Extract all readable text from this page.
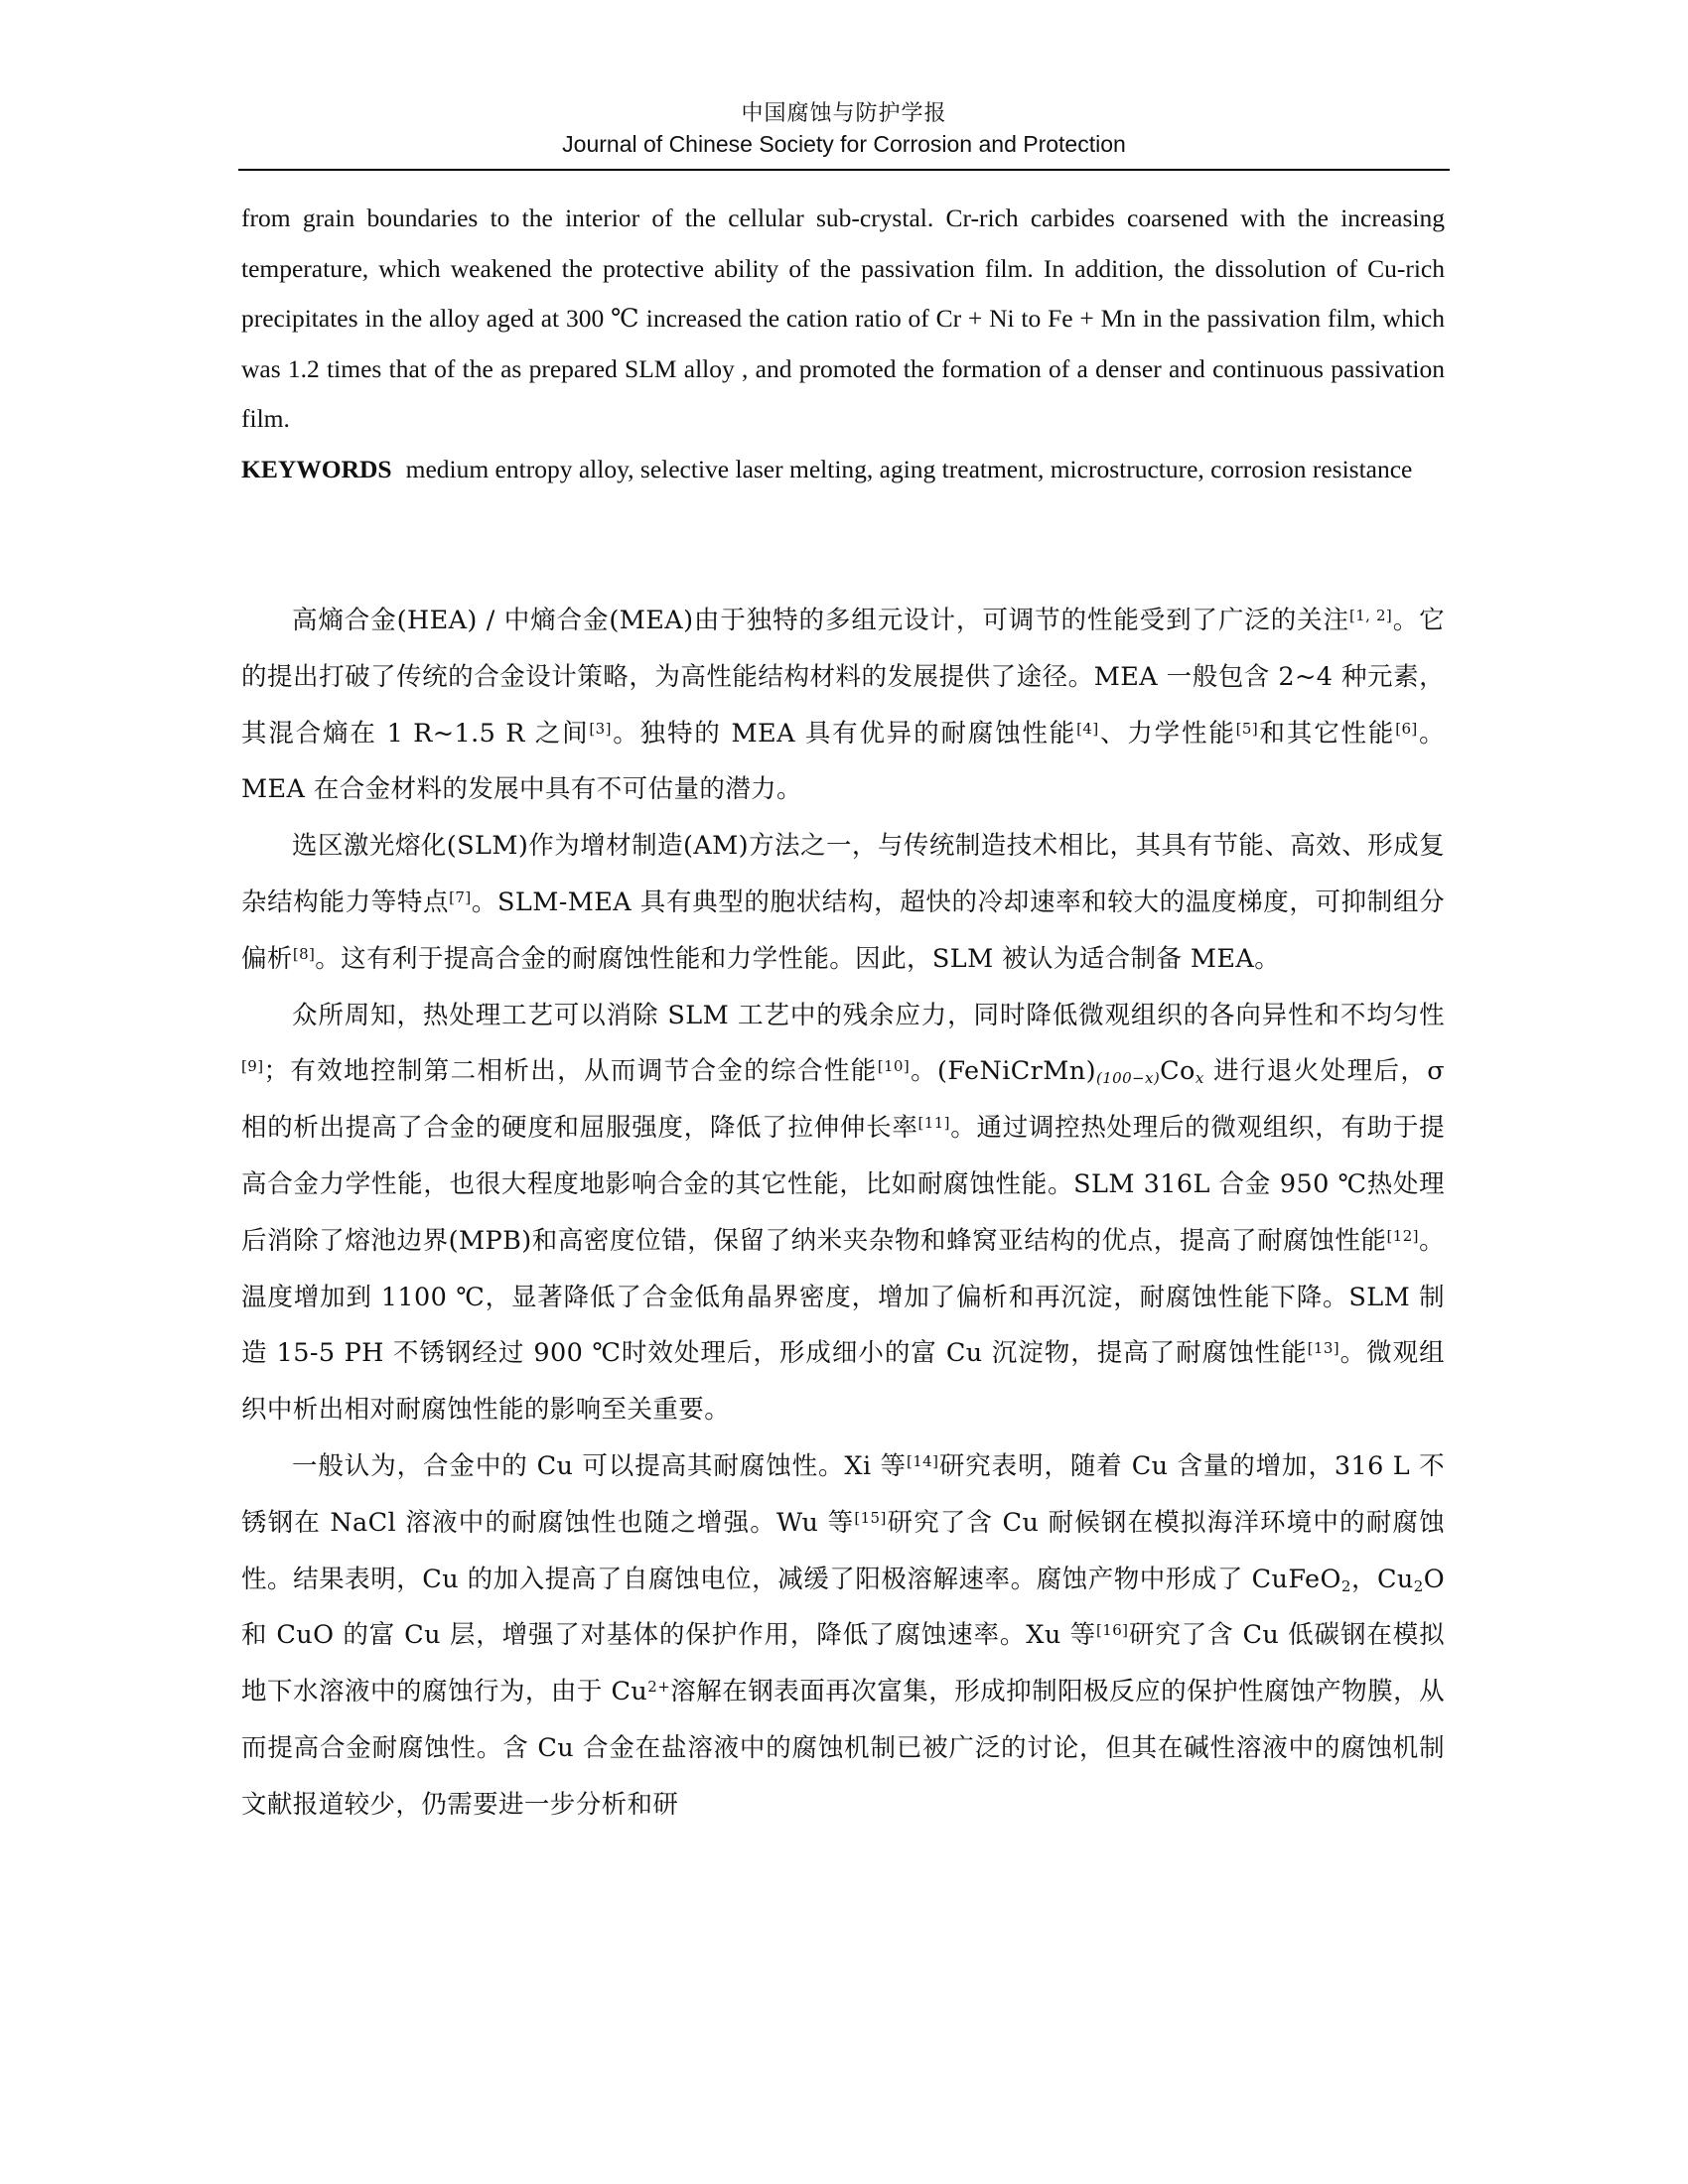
中国腐蚀与防护学报
Journal of Chinese Society for Corrosion and Protection

from grain boundaries to the interior of the cellular sub-crystal. Cr-rich carbides coarsened with the increasing temperature, which weakened the protective ability of the passivation film. In addition, the dissolution of Cu-rich precipitates in the alloy aged at 300 ℃ increased the cation ratio of Cr + Ni to Fe + Mn in the passivation film, which was 1.2 times that of the as prepared SLM alloy , and promoted the formation of a denser and continuous passivation film.

KEYWORDS medium entropy alloy, selective laser melting, aging treatment, microstructure, corrosion resistance

高熵合金(HEA) / 中熵合金(MEA)由于独特的多组元设计，可调节的性能受到了广泛的关注[1, 2]。它的提出打破了传统的合金设计策略，为高性能结构材料的发展提供了途径。MEA 一般包含 2~4 种元素，其混合熵在 1 R~1.5 R 之间[3]。独特的 MEA 具有优异的耐腐蚀性能[4]、力学性能[5]和其它性能[6]。MEA 在合金材料的发展中具有不可估量的潜力。

选区激光熔化(SLM)作为增材制造(AM)方法之一，与传统制造技术相比，其具有节能、高效、形成复杂结构能力等特点[7]。SLM-MEA 具有典型的胞状结构，超快的冷却速率和较大的温度梯度，可抑制组分偏析[8]。这有利于提高合金的耐腐蚀性能和力学性能。因此，SLM 被认为适合制备 MEA。

众所周知，热处理工艺可以消除 SLM 工艺中的残余应力，同时降低微观组织的各向异性和不均匀性[9]；有效地控制第二相析出，从而调节合金的综合性能[10]。$(FeNiCrMn)_{(100-x)}Co_x$ 进行退火处理后，σ 相的析出提高了合金的硬度和屈服强度，降低了拉伸伸长率[11]。通过调控热处理后的微观组织，有助于提高合金力学性能，也很大程度地影响合金的其它性能，比如耐腐蚀性能。SLM 316L 合金 950 ℃热处理后消除了熔池边界(MPB)和高密度位错，保留了纳米夹杂物和蜂窝亚结构的优点，提高了耐腐蚀性能[12]。温度增加到 1100 ℃，显著降低了合金低角晶界密度，增加了偏析和再沉淀，耐腐蚀性能下降。SLM 制造 15-5 PH 不锈钢经过 900 ℃时效处理后，形成细小的富 Cu 沉淀物，提高了耐腐蚀性能[13]。微观组织中析出相对耐腐蚀性能的影响至关重要。

一般认为，合金中的 Cu 可以提高其耐腐蚀性。Xi 等[14]研究表明，随着 Cu 含量的增加，316 L 不锈钢在 NaCl 溶液中的耐腐蚀性也随之增强。Wu 等[15]研究了含 Cu 耐候钢在模拟海洋环境中的耐腐蚀性。结果表明，Cu 的加入提高了自腐蚀电位，减缓了阳极溶解速率。腐蚀产物中形成了 CuFeO$_2$，$Cu_2O$ 和 CuO 的富 Cu 层，增强了对基体的保护作用，降低了腐蚀速率。Xu 等[16]研究了含 Cu 低碳钢在模拟地下水溶液中的腐蚀行为，由于 $Cu^{2+}$溶解在钢表面再次富集，形成抑制阳极反应的保护性腐蚀产物膜，从而提高合金耐腐蚀性。含 Cu 合金在盐溶液中的腐蚀机制已被广泛的讨论，但其在碱性溶液中的腐蚀机制文献报道较少，仍需要进一步分析和研
